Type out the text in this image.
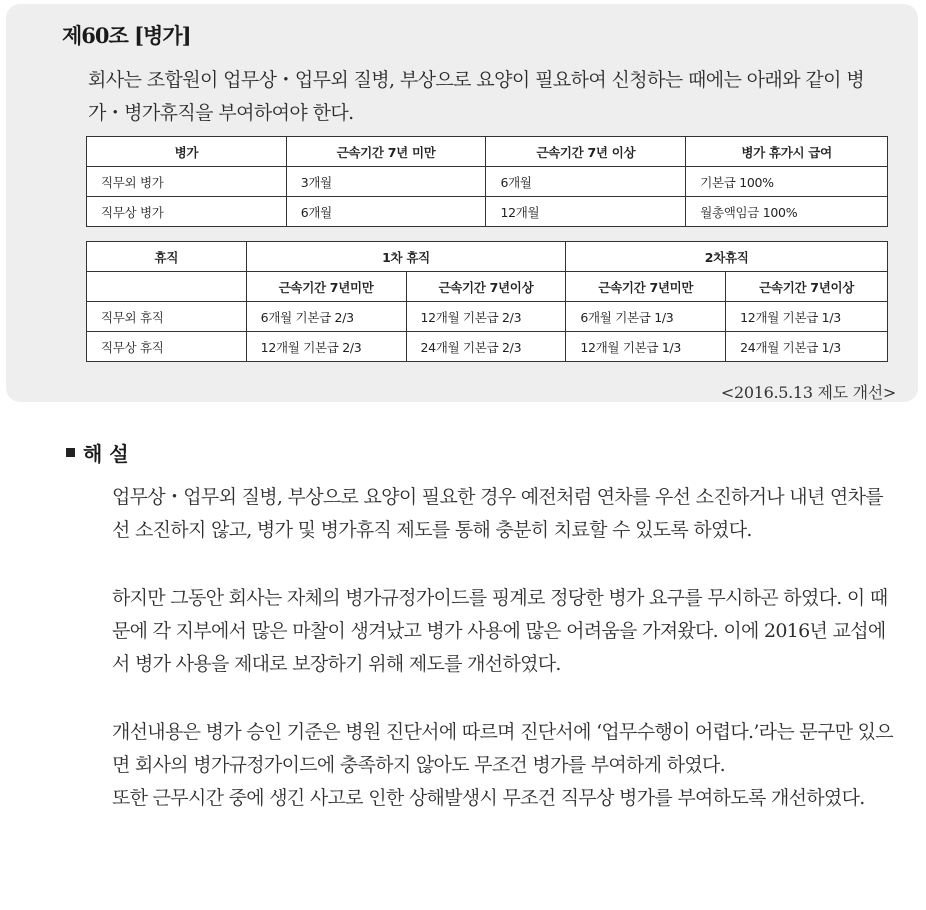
제60조 [병가]

회사는 조합원이 업무상・업무외 질병, 부상으로 요양이 필요하여 신청하는 때에는 아래와 같이 병가・병가휴직을 부여하여야 한다.

병가	근속기간 7년 미만	근속기간 7년 이상	병가 휴가시 급여
직무외 병가	3개월	6개월	기본급 100%
직무상 병가	6개월	12개월	월총액임금 100%
휴직	1차 휴직		2차휴직	
	근속기간 7년미만	근속기간 7년이상	근속기간 7년미만	근속기간 7년이상
직무외 휴직	6개월 기본급 2/3	12개월 기본급 2/3	6개월 기본급 1/3	12개월 기본급 1/3
직무상 휴직	12개월 기본급 2/3	24개월 기본급 2/3	12개월 기본급 1/3	24개월 기본급 1/3
<2016.5.13 제도 개선>
해 설

업무상・업무외 질병, 부상으로 요양이 필요한 경우 예전처럼 연차를 우선 소진하거나 내년 연차를 선 소진하지 않고, 병가 및 병가휴직 제도를 통해 충분히 치료할 수 있도록 하였다.

하지만 그동안 회사는 자체의 병가규정가이드를 핑계로 정당한 병가 요구를 무시하곤 하였다. 이 때문에 각 지부에서 많은 마찰이 생겨났고 병가 사용에 많은 어려움을 가져왔다. 이에 2016년 교섭에서 병가 사용을 제대로 보장하기 위해 제도를 개선하였다.

개선내용은 병가 승인 기준은 병원 진단서에 따르며 진단서에 ‘업무수행이 어렵다.’라는 문구만 있으면 회사의 병가규정가이드에 충족하지 않아도 무조건 병가를 부여하게 하였다.
또한 근무시간 중에 생긴 사고로 인한 상해발생시 무조건 직무상 병가를 부여하도록 개선하였다.
